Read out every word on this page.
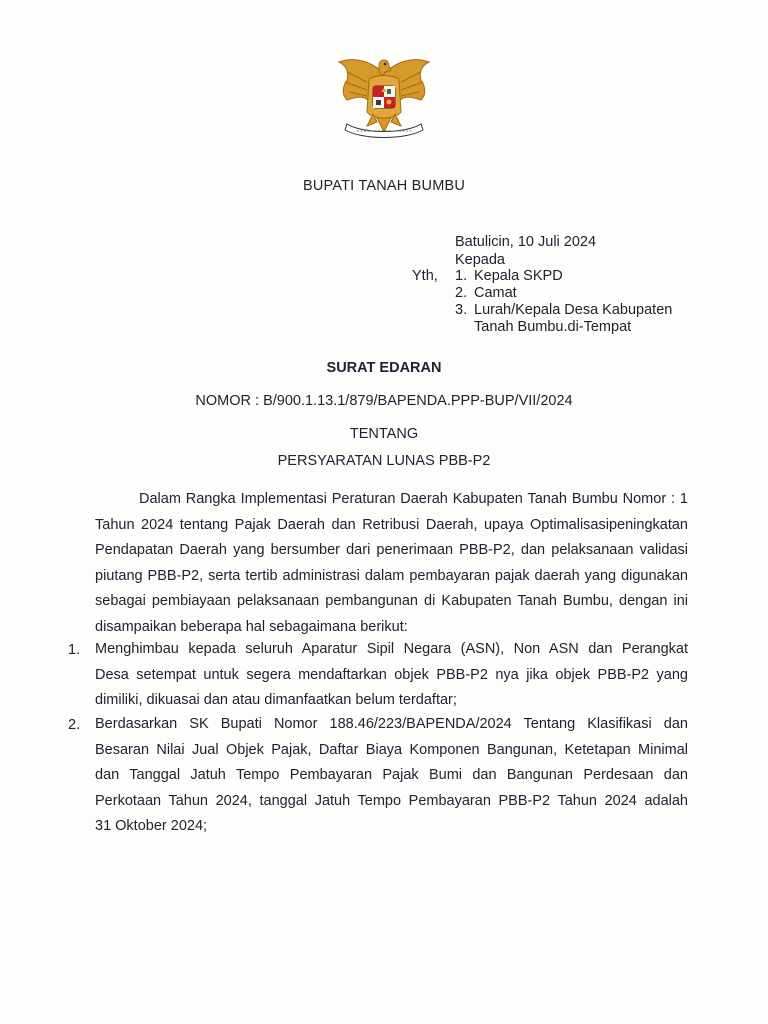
BUPATI TANAH BUMBU
Batulicin, 10 Juli 2024
Kepada
Yth, 1. Kepala SKPD
2. Camat
3. Lurah/Kepala Desa Kabupaten
Tanah Bumbu.di-Tempat
SURAT EDARAN
NOMOR : B/900.1.13.1/879/BAPENDA.PPP-BUP/VII/2024
TENTANG
PERSYARATAN LUNAS PBB-P2
Dalam Rangka Implementasi Peraturan Daerah Kabupaten Tanah Bumbu Nomor : 1
Tahun 2024 tentang Pajak Daerah dan Retribusi Daerah, upaya Optimalisasipeningkatan
Pendapatan Daerah yang bersumber dari penerimaan PBB-P2, dan pelaksanaan validasi
piutang PBB-P2, serta tertib administrasi dalam pembayaran pajak daerah yang digunakan
sebagai pembiayaan pelaksanaan pembangunan di Kabupaten Tanah Bumbu, dengan ini
disampaikan beberapa hal sebagaimana berikut:
1. Menghimbau kepada seluruh Aparatur Sipil Negara (ASN), Non ASN dan Perangkat
Desa setempat untuk segera mendaftarkan objek PBB-P2 nya jika objek PBB-P2 yang
dimiliki, dikuasai dan atau dimanfaatkan belum terdaftar;
2. Berdasarkan SK Bupati Nomor 188.46/223/BAPENDA/2024 Tentang Klasifikasi dan
Besaran Nilai Jual Objek Pajak, Daftar Biaya Komponen Bangunan, Ketetapan Minimal
dan Tanggal Jatuh Tempo Pembayaran Pajak Bumi dan Bangunan Perdesaan dan
Perkotaan Tahun 2024, tanggal Jatuh Tempo Pembayaran PBB-P2 Tahun 2024 adalah
31 Oktober 2024;
